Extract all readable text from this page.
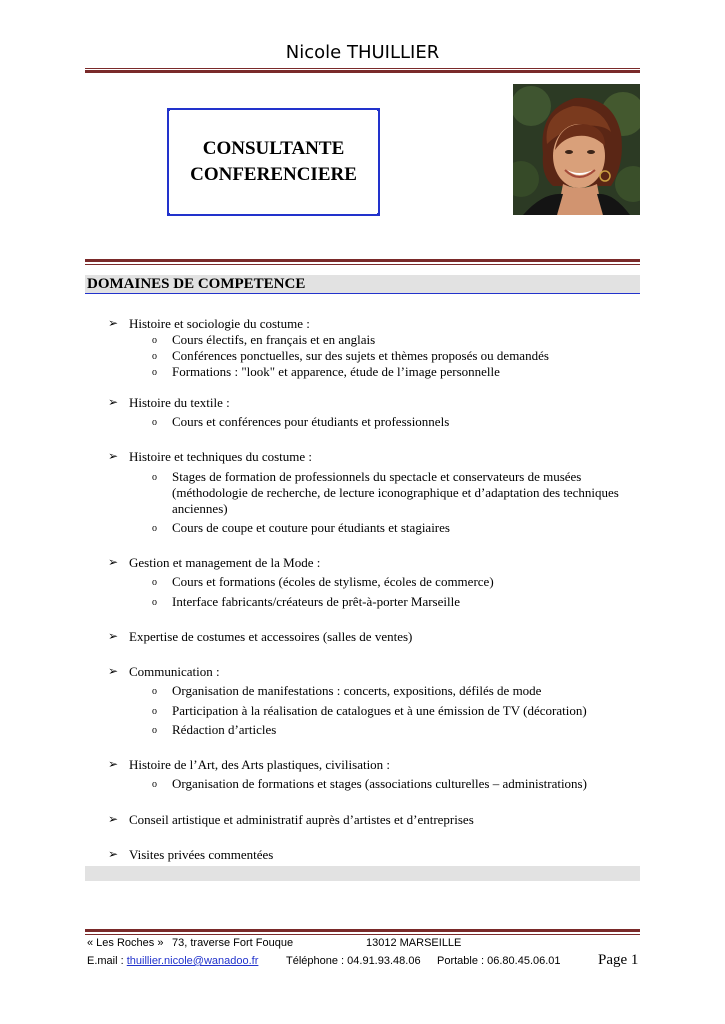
Nicole THUILLIER
CONSULTANTE
CONFERENCIERE
DOMAINES DE COMPETENCE
➢ Histoire et sociologie du costume :
o Cours électifs, en français et en anglais
o Conférences ponctuelles, sur des sujets et thèmes proposés ou demandés
o Formations : "look" et apparence, étude de l’image personnelle
➢ Histoire du textile :
o Cours et conférences pour étudiants et professionnels
➢ Histoire et techniques du costume :
o Stages de formation de professionnels du spectacle et conservateurs de musées
(méthodologie de recherche, de lecture iconographique et d’adaptation des techniques
anciennes)
o Cours de coupe et couture pour étudiants et stagiaires
➢ Gestion et management de la Mode :
o Cours et formations (écoles de stylisme, écoles de commerce)
o Interface fabricants/créateurs de prêt-à-porter Marseille
➢ Expertise de costumes et accessoires (salles de ventes)
➢ Communication :
o Organisation de manifestations : concerts, expositions, défilés de mode
o Participation à la réalisation de catalogues et à une émission de TV (décoration)
o Rédaction d’articles
➢ Histoire de l’Art, des Arts plastiques, civilisation :
o Organisation de formations et stages (associations culturelles – administrations)
➢ Conseil artistique et administratif auprès d’artistes et d’entreprises
➢ Visites privées commentées
« Les Roches » 73, traverse Fort Fouque	13012 MARSEILLE
E.mail : thuillier.nicole@wanadoo.fr	Téléphone : 04.91.93.48.06 Portable : 06.80.45.06.01 Page 1
